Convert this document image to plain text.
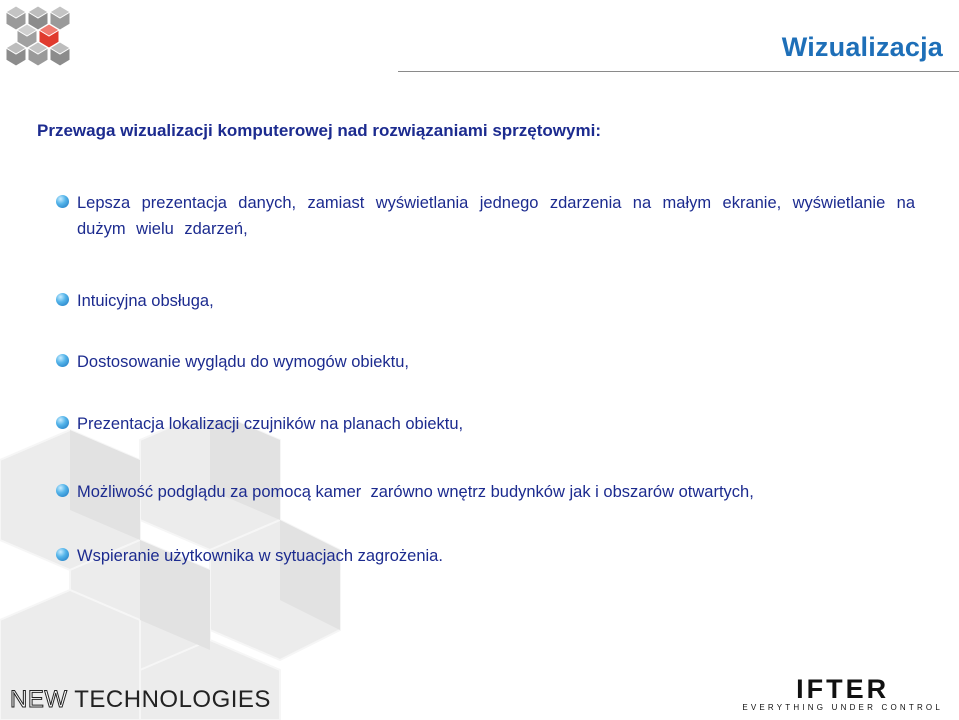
Wizualizacja
Przewaga wizualizacji komputerowej nad rozwiązaniami sprzętowymi:
Lepsza prezentacja danych, zamiast wyświetlania jednego zdarzenia na małym ekranie, wyświetlanie na dużym wielu zdarzeń,
Intuicyjna obsługa,
Dostosowanie wyglądu do wymogów obiektu,
Prezentacja lokalizacji czujników na planach obiektu,
Możliwość podglądu za pomocą kamer  zarówno wnętrz budynków jak i obszarów otwartych,
Wspieranie użytkownika w sytuacjach zagrożenia.
NEW TECHNOLOGIES	IFTER
EVERYTHING UNDER CONTROL
